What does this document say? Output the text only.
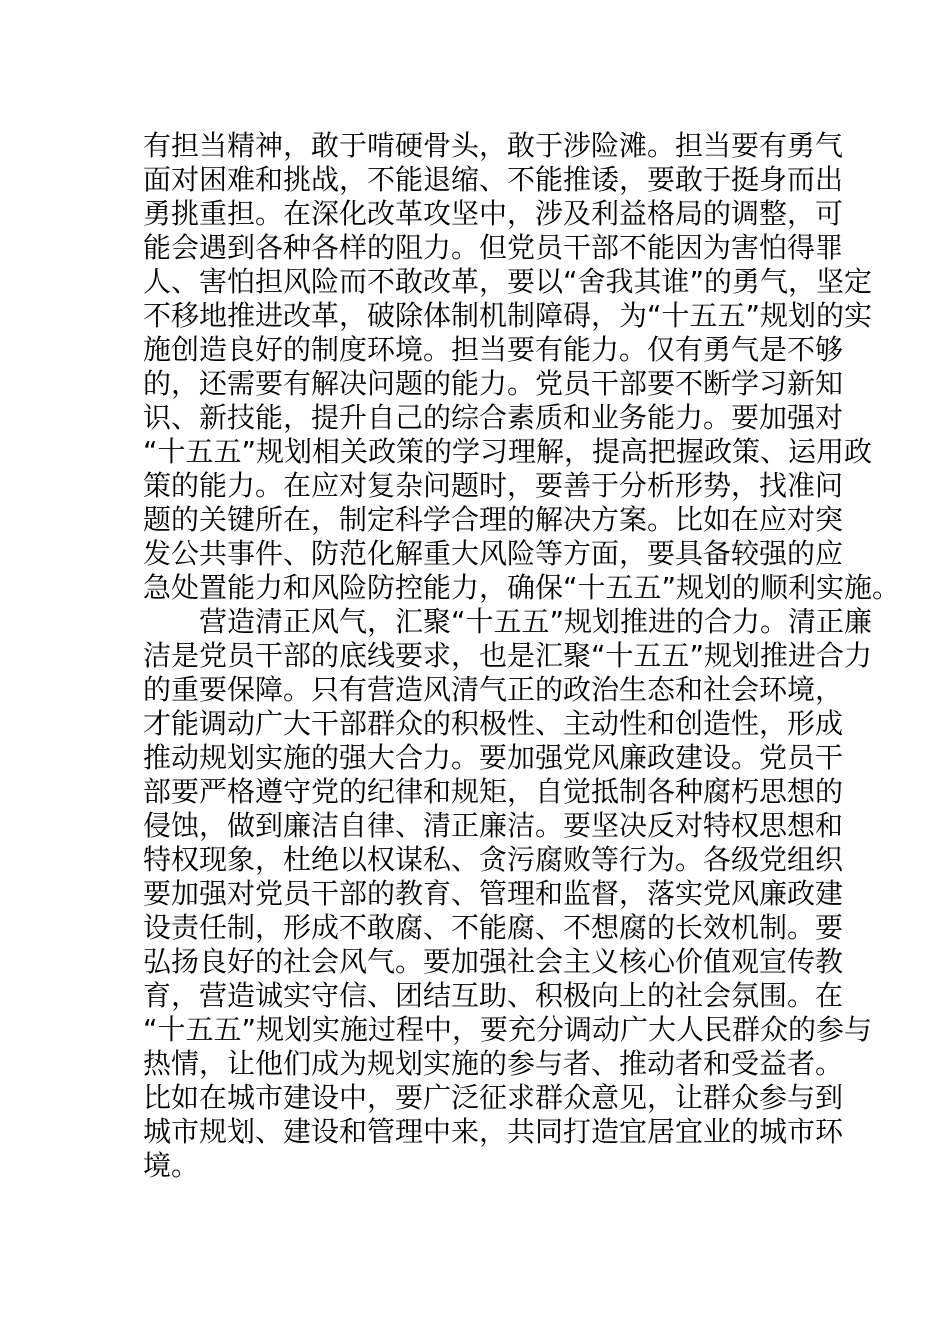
有担当精神，敢于啃硬骨头，敢于涉险滩。担当要有勇气
面对困难和挑战，不能退缩、不能推诿，要敢于挺身而出
勇挑重担。在深化改革攻坚中，涉及利益格局的调整，可
能会遇到各种各样的阻力。但党员干部不能因为害怕得罪
人、害怕担风险而不敢改革，要以“舍我其谁”的勇气，坚定
不移地推进改革，破除体制机制障碍，为“十五五”规划的实
施创造良好的制度环境。担当要有能力。仅有勇气是不够
的，还需要有解决问题的能力。党员干部要不断学习新知
识、新技能，提升自己的综合素质和业务能力。要加强对
“十五五”规划相关政策的学习理解，提高把握政策、运用政
策的能力。在应对复杂问题时，要善于分析形势，找准问
题的关键所在，制定科学合理的解决方案。比如在应对突
发公共事件、防范化解重大风险等方面，要具备较强的应
急处置能力和风险防控能力，确保“十五五”规划的顺利实施。
营造清正风气，汇聚“十五五”规划推进的合力。清正廉
洁是党员干部的底线要求，也是汇聚“十五五”规划推进合力
的重要保障。只有营造风清气正的政治生态和社会环境，
才能调动广大干部群众的积极性、主动性和创造性，形成
推动规划实施的强大合力。要加强党风廉政建设。党员干
部要严格遵守党的纪律和规矩，自觉抵制各种腐朽思想的
侵蚀，做到廉洁自律、清正廉洁。要坚决反对特权思想和
特权现象，杜绝以权谋私、贪污腐败等行为。各级党组织
要加强对党员干部的教育、管理和监督，落实党风廉政建
设责任制，形成不敢腐、不能腐、不想腐的长效机制。要
弘扬良好的社会风气。要加强社会主义核心价值观宣传教
育，营造诚实守信、团结互助、积极向上的社会氛围。在
“十五五”规划实施过程中，要充分调动广大人民群众的参与
热情，让他们成为规划实施的参与者、推动者和受益者。
比如在城市建设中，要广泛征求群众意见，让群众参与到
城市规划、建设和管理中来，共同打造宜居宜业的城市环
境。
